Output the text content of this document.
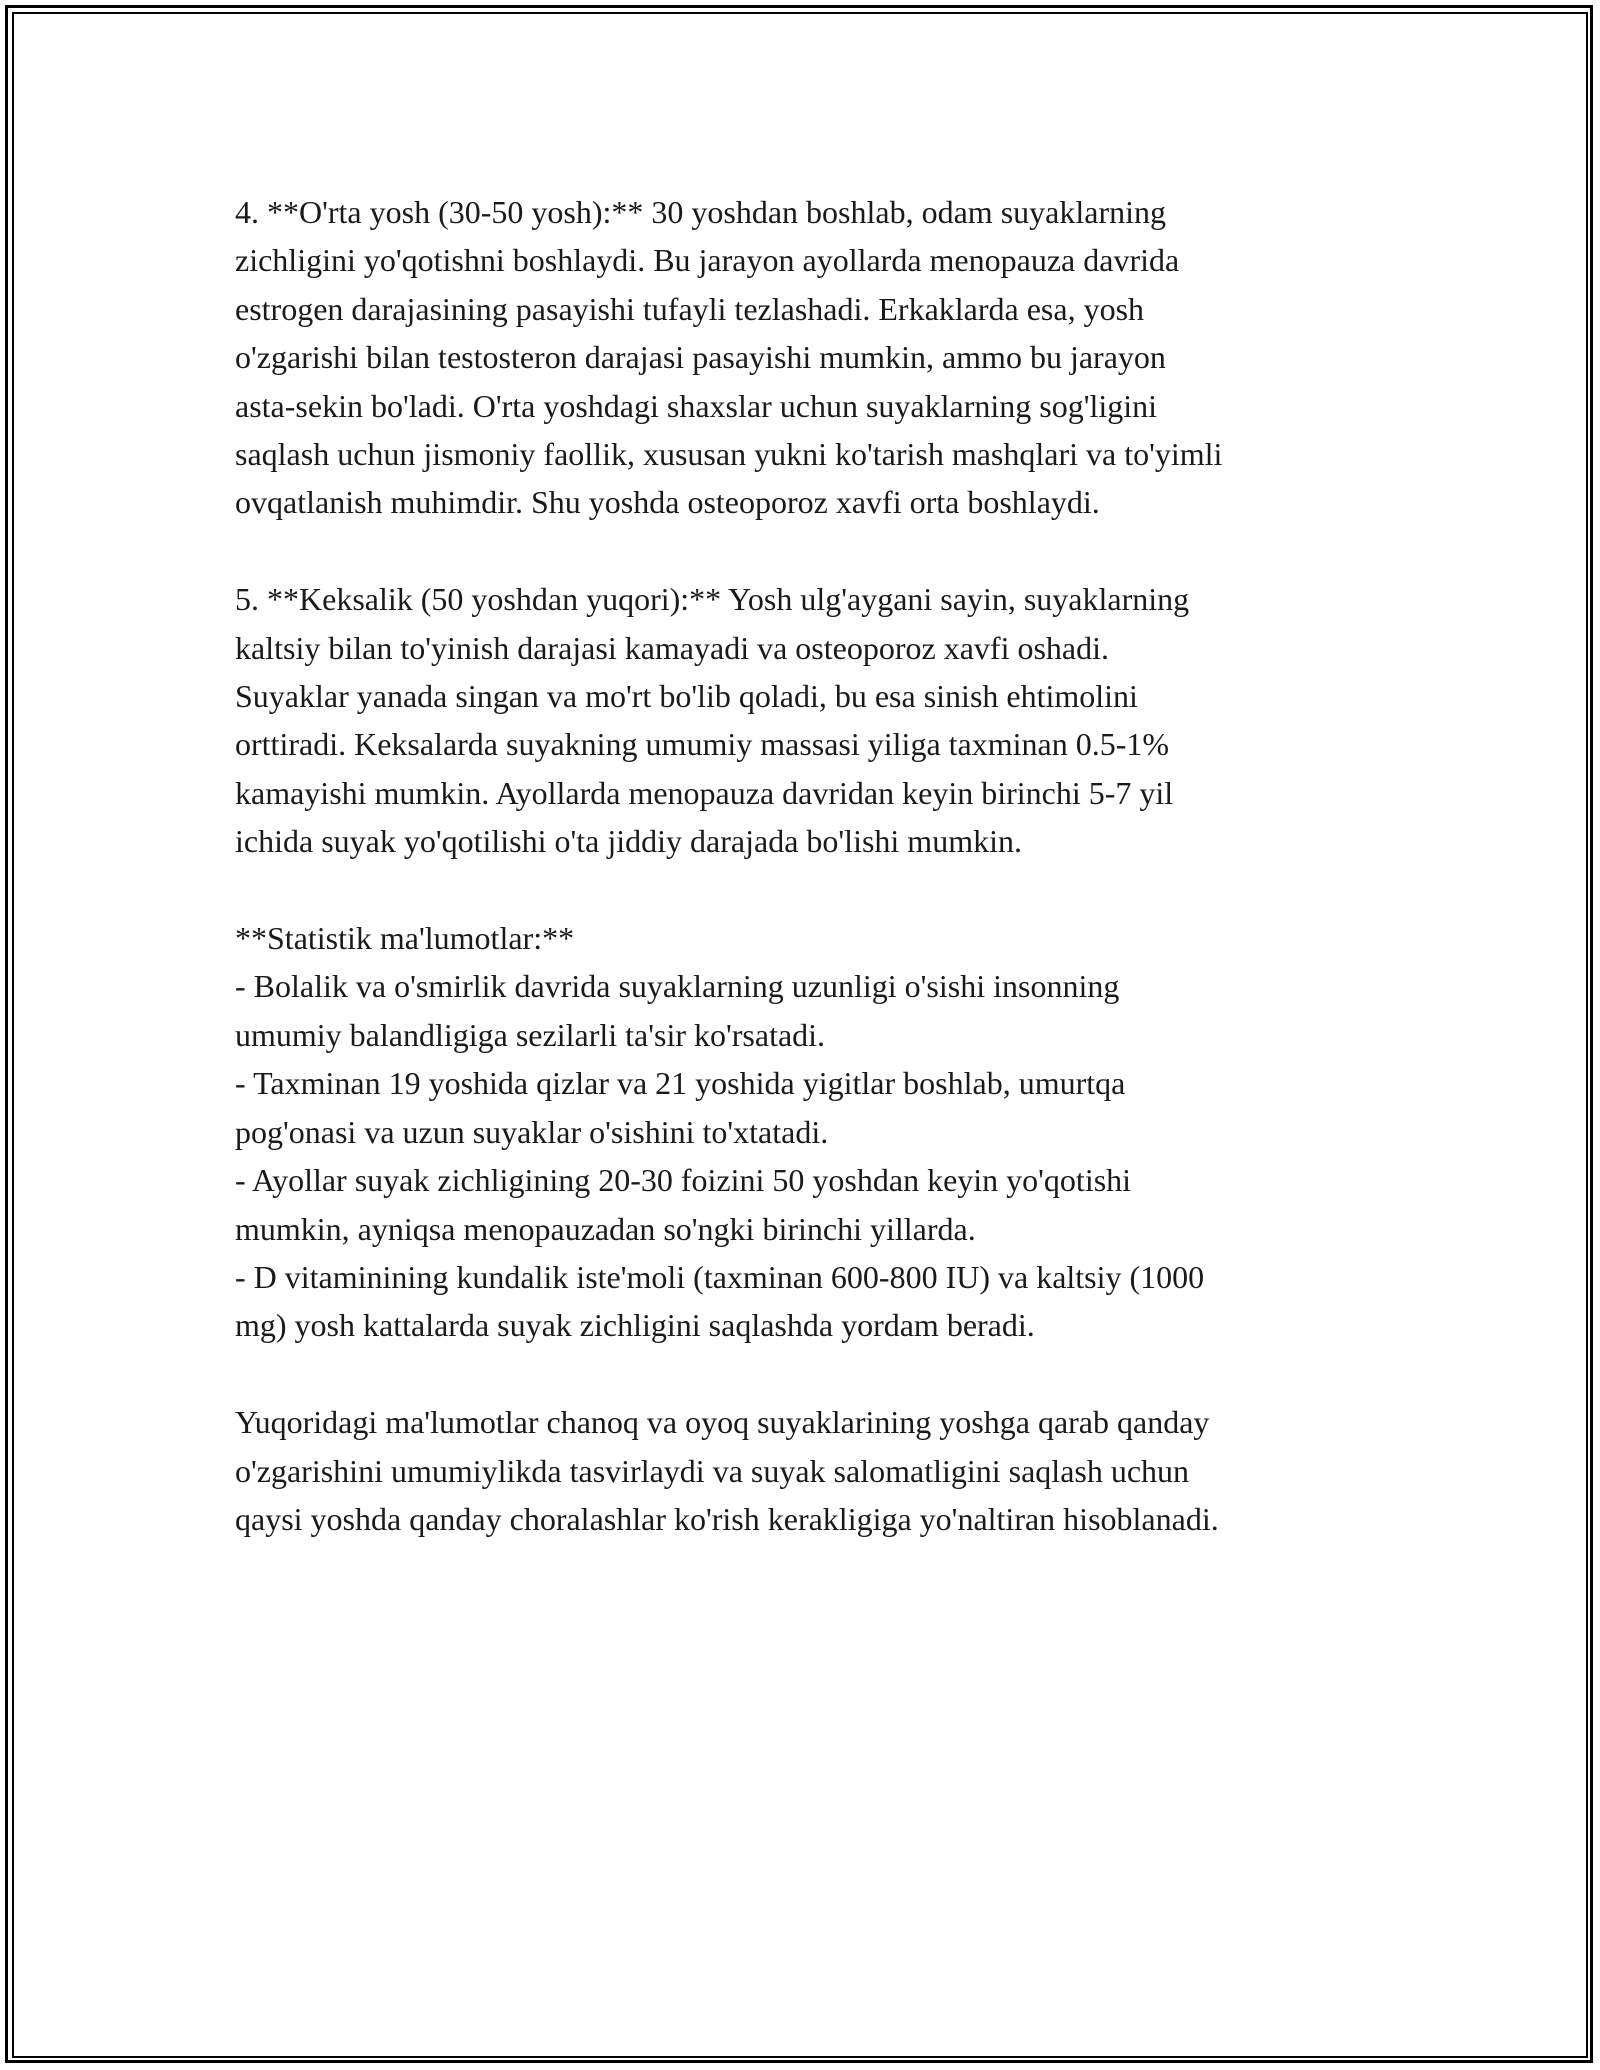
4. **O'rta yosh (30-50 yosh):** 30 yoshdan boshlab, odam suyaklarning
zichligini yo'qotishni boshlaydi. Bu jarayon ayollarda menopauza davrida
estrogen darajasining pasayishi tufayli tezlashadi. Erkaklarda esa, yosh
o'zgarishi bilan testosteron darajasi pasayishi mumkin, ammo bu jarayon
asta-sekin bo'ladi. O'rta yoshdagi shaxslar uchun suyaklarning sog'ligini
saqlash uchun jismoniy faollik, xususan yukni ko'tarish mashqlari va to'yimli
ovqatlanish muhimdir. Shu yoshda osteoporoz xavfi orta boshlaydi.

5. **Keksalik (50 yoshdan yuqori):** Yosh ulg'aygani sayin, suyaklarning
kaltsiy bilan to'yinish darajasi kamayadi va osteoporoz xavfi oshadi.
Suyaklar yanada singan va mo'rt bo'lib qoladi, bu esa sinish ehtimolini
orttiradi. Keksalarda suyakning umumiy massasi yiliga taxminan 0.5-1%
kamayishi mumkin. Ayollarda menopauza davridan keyin birinchi 5-7 yil
ichida suyak yo'qotilishi o'ta jiddiy darajada bo'lishi mumkin.

**Statistik ma'lumotlar:**
- Bolalik va o'smirlik davrida suyaklarning uzunligi o'sishi insonning
umumiy balandligiga sezilarli ta'sir ko'rsatadi.
- Taxminan 19 yoshida qizlar va 21 yoshida yigitlar boshlab, umurtqa
pog'onasi va uzun suyaklar o'sishini to'xtatadi.
- Ayollar suyak zichligining 20-30 foizini 50 yoshdan keyin yo'qotishi
mumkin, ayniqsa menopauzadan so'ngki birinchi yillarda.
- D vitaminining kundalik iste'moli (taxminan 600-800 IU) va kaltsiy (1000
mg) yosh kattalarda suyak zichligini saqlashda yordam beradi.

Yuqoridagi ma'lumotlar chanoq va oyoq suyaklarining yoshga qarab qanday
o'zgarishini umumiylikda tasvirlaydi va suyak salomatligini saqlash uchun
qaysi yoshda qanday choralashlar ko'rish kerakligiga yo'naltiran hisoblanadi.
